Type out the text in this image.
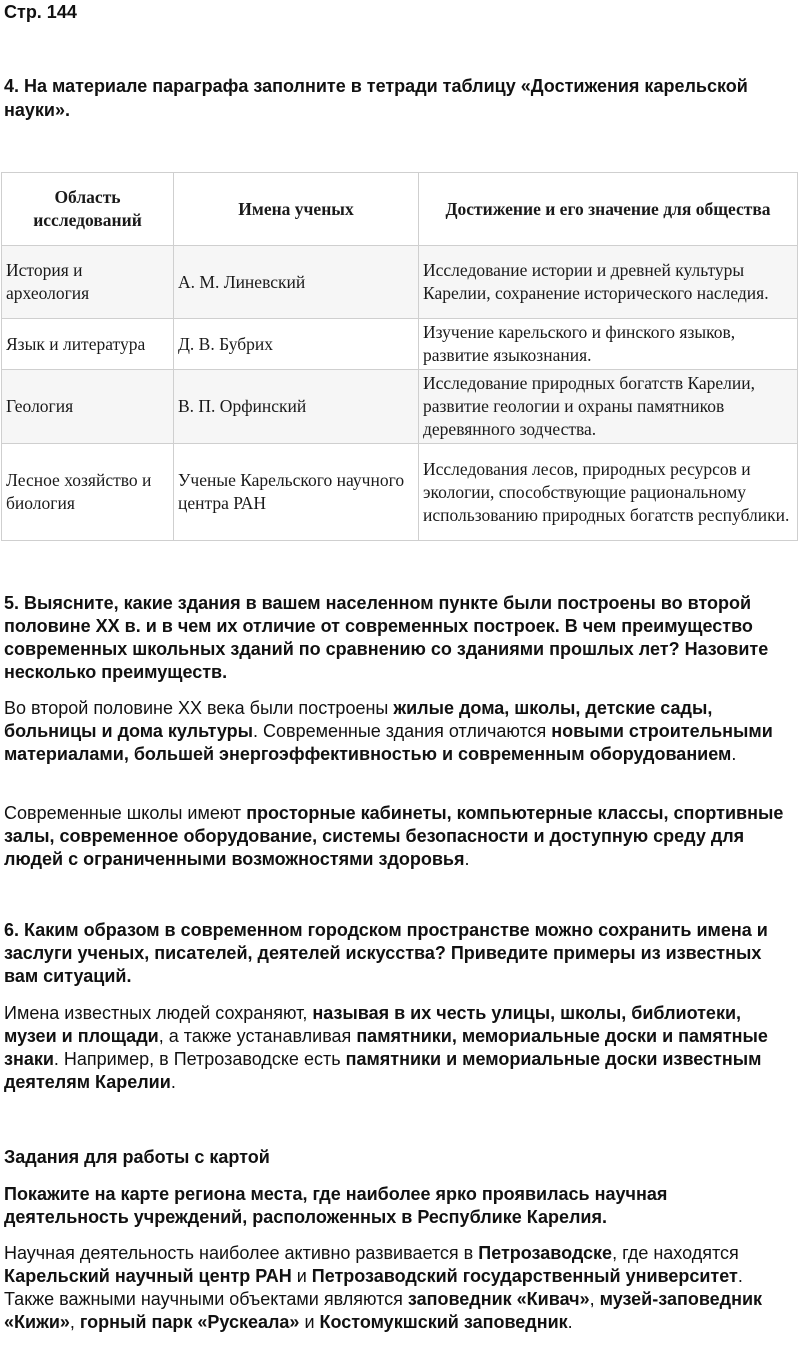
Стр. 144
4. На материале параграфа заполните в тетради таблицу «Достижения карельской науки».
Область исследований	Имена ученых	Достижение и его значение для общества
История и археология	А. М. Линевский	Исследование истории и древней культуры Карелии, сохранение исторического наследия.
Язык и литература	Д. В. Бубрих	Изучение карельского и финского языков, развитие языкознания.
Геология	В. П. Орфинский	Исследование природных богатств Карелии, развитие геологии и охраны памятников деревянного зодчества.
Лесное хозяйство и биология	Ученые Карельского научного центра РАН	Исследования лесов, природных ресурсов и экологии, способствующие рациональному использованию природных богатств республики.
5. Выясните, какие здания в вашем населенном пункте были построены во второй половине XX в. и в чем их отличие от современных построек. В чем преимущество современных школьных зданий по сравнению со зданиями прошлых лет? Назовите несколько преимуществ.
Во второй половине XX века были построены жилые дома, школы, детские сады, больницы и дома культуры. Современные здания отличаются новыми строительными материалами, большей энергоэффективностью и современным оборудованием.
Современные школы имеют просторные кабинеты, компьютерные классы, спортивные залы, современное оборудование, системы безопасности и доступную среду для людей с ограниченными возможностями здоровья.
6. Каким образом в современном городском пространстве можно сохранить имена и заслуги ученых, писателей, деятелей искусства? Приведите примеры из известных вам ситуаций.
Имена известных людей сохраняют, называя в их честь улицы, школы, библиотеки, музеи и площади, а также устанавливая памятники, мемориальные доски и памятные знаки. Например, в Петрозаводске есть памятники и мемориальные доски известным деятелям Карелии.
Задания для работы с картой
Покажите на карте региона места, где наиболее ярко проявилась научная деятельность учреждений, расположенных в Республике Карелия.
Научная деятельность наиболее активно развивается в Петрозаводске, где находятся Карельский научный центр РАН и Петрозаводский государственный университет. Также важными научными объектами являются заповедник «Кивач», музей-заповедник «Кижи», горный парк «Рускеала» и Костомукшский заповедник.
